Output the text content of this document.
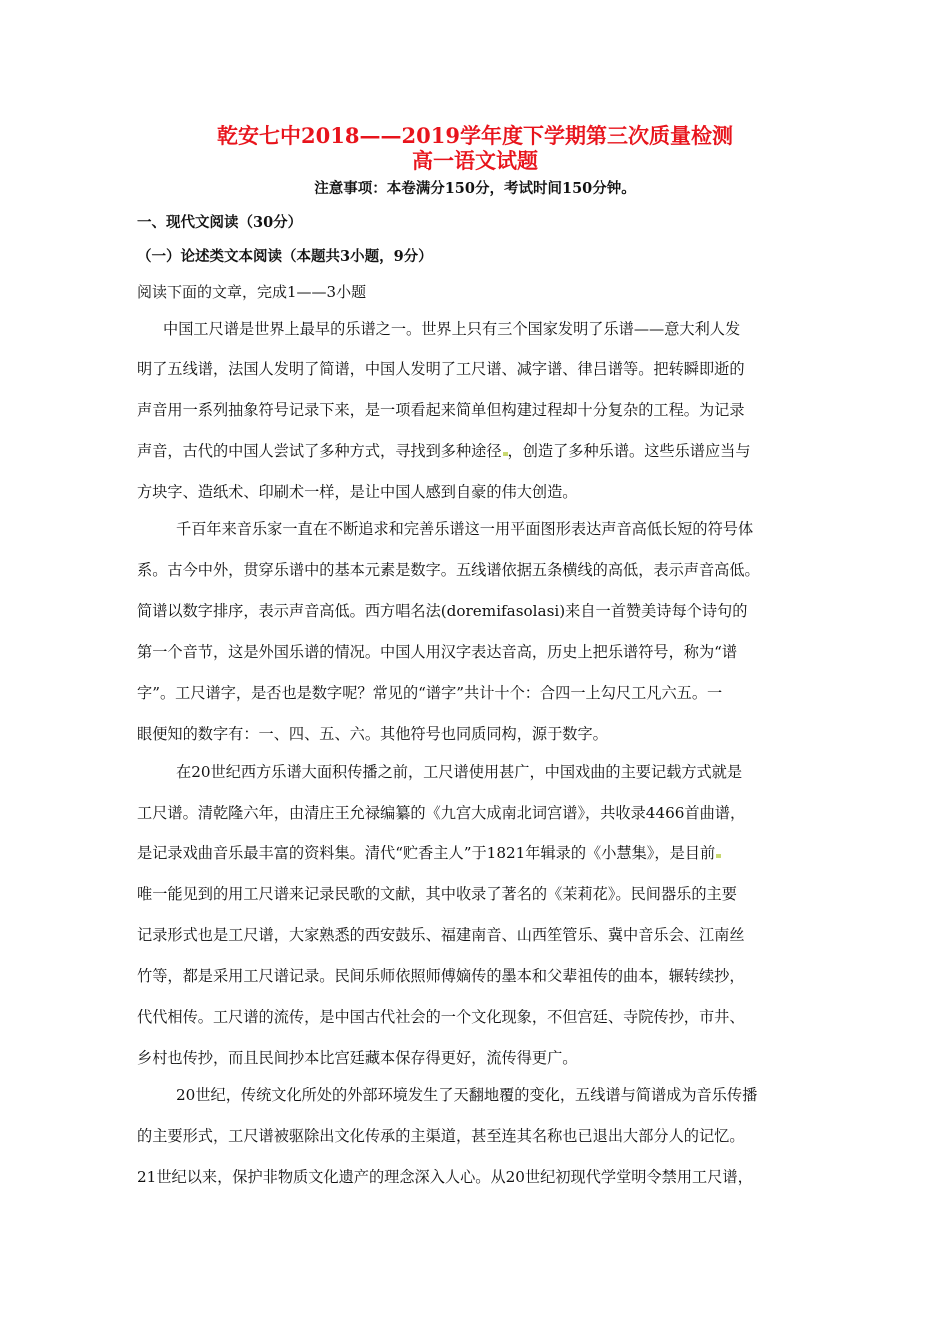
乾安七中2018——2019学年度下学期第三次质量检测
高一语文试题
注意事项：本卷满分150分，考试时间150分钟。
一、现代文阅读（30分）
（一）论述类文本阅读（本题共3小题，9分）
阅读下面的文章，完成1——3小题
中国工尺谱是世界上最早的乐谱之一。世界上只有三个国家发明了乐谱——意大利人发
明了五线谱，法国人发明了简谱，中国人发明了工尺谱、减字谱、律吕谱等。把转瞬即逝的
声音用一系列抽象符号记录下来，是一项看起来简单但构建过程却十分复杂的工程。为记录
声音，古代的中国人尝试了多种方式，寻找到多种途径 ，创造了多种乐谱。这些乐谱应当与
方块字、造纸术、印刷术一样，是让中国人感到自豪的伟大创造。
千百年来音乐家一直在不断追求和完善乐谱这一用平面图形表达声音高低长短的符号体
系。古今中外，贯穿乐谱中的基本元素是数字。五线谱依据五条横线的高低，表示声音高低。
简谱以数字排序，表示声音高低。西方唱名法(doremifasolasi)来自一首赞美诗每个诗句的
第一个音节，这是外国乐谱的情况。中国人用汉字表达音高，历史上把乐谱符号，称为“谱
字”。工尺谱字，是否也是数字呢？常见的“谱字”共计十个：合四一上勾尺工凡六五。一
眼便知的数字有：一、四、五、六。其他符号也同质同构，源于数字。
在20世纪西方乐谱大面积传播之前，工尺谱使用甚广，中国戏曲的主要记载方式就是
工尺谱。清乾隆六年，由清庄王允禄编纂的《九宫大成南北词宫谱》，共收录4466首曲谱，
是记录戏曲音乐最丰富的资料集。清代“贮香主人”于1821年辑录的《小慧集》，是目前
唯一能见到的用工尺谱来记录民歌的文献，其中收录了著名的《茉莉花》。民间器乐的主要
记录形式也是工尺谱，大家熟悉的西安鼓乐、福建南音、山西笙管乐、冀中音乐会、江南丝
竹等，都是采用工尺谱记录。民间乐师依照师傅嫡传的墨本和父辈祖传的曲本，辗转续抄，
代代相传。工尺谱的流传，是中国古代社会的一个文化现象，不但宫廷、寺院传抄，市井、
乡村也传抄，而且民间抄本比宫廷藏本保存得更好，流传得更广。
20世纪，传统文化所处的外部环境发生了天翻地覆的变化，五线谱与简谱成为音乐传播
的主要形式，工尺谱被驱除出文化传承的主渠道，甚至连其名称也已退出大部分人的记忆。
21世纪以来，保护非物质文化遗产的理念深入人心。从20世纪初现代学堂明令禁用工尺谱，
